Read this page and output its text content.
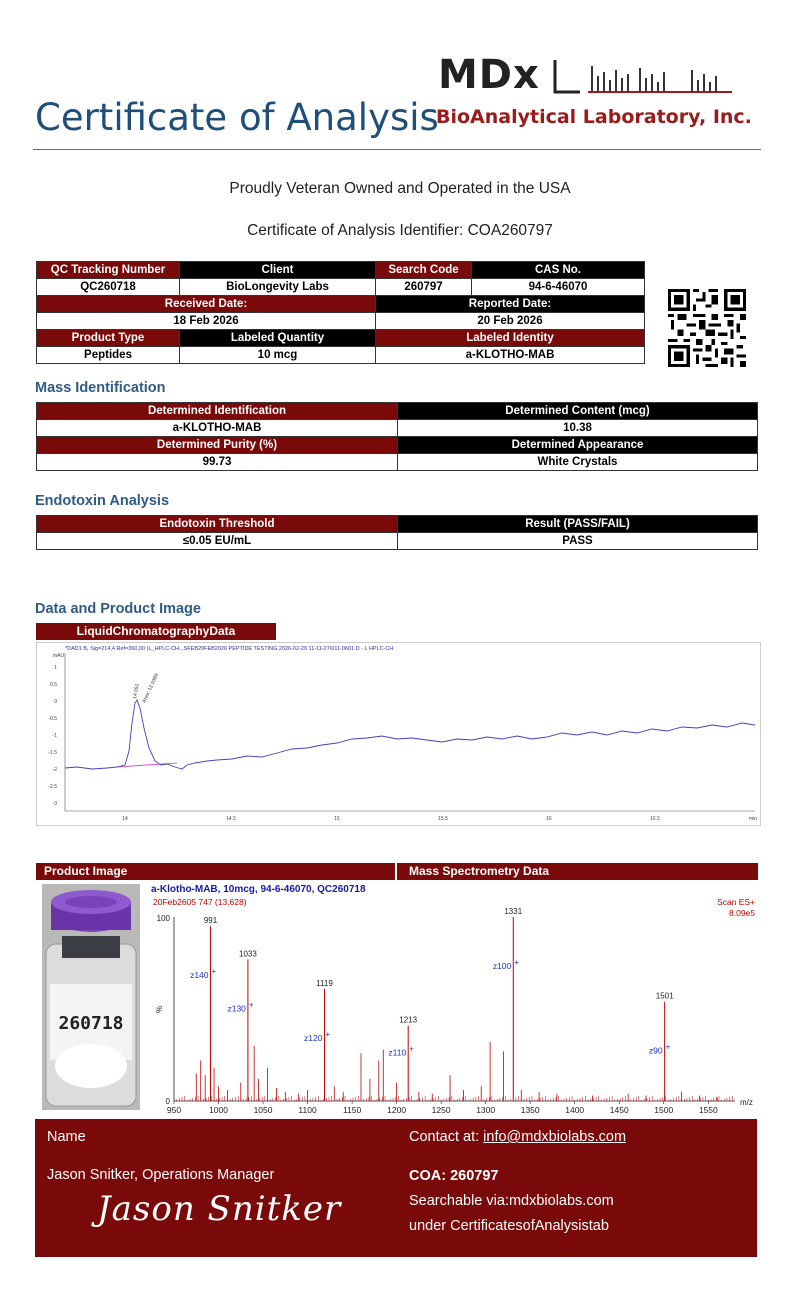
Certificate of Analysis
MDx
BioAnalytical Laboratory, Inc.
Proudly Veteran Owned and Operated in the USA
Certificate of Analysis Identifier: COA260797
QC Tracking Number	Client	Search Code	CAS No.
QC260718	BioLongevity Labs	260797	94-6-46070
Received Date:		Reported Date:	
18 Feb 2026		20 Feb 2026	
Product Type	Labeled Quantity	Labeled Identity	
Peptides	10 mcg	a-KLOTHO-MAB	
Mass Identification
Determined Identification	Determined Content (mcg)
a-KLOTHO-MAB	10.38
Determined Purity (%)	Determined Appearance
99.73	White Crystals
Endotoxin Analysis
Endotoxin Threshold	Result (PASS/FAIL)
≤0.05 EU/mL	PASS
Data and Product Image
LiquidChromatographyData
*DAD1 B, Sig=214,4 Ref=360,00 (L_HPLC-CH...SFEB20FEB2026 PEPTIDE TESTING 2026-02-20 11-11-27\011-0601.D - L HPLC-CH
mAU
1
0.5
0
-0.5
-1
-1.5
-2
-2.5
-3
14	14.5	15	15.5	16	16.5	min
14.051 Area: 12.0388
Product Image	Mass Spectrometry Data
260718
a-Klotho-MAB, 10mcg, 94-6-46070, QC260718
20Feb2605 747 (13.628)	Scan ES+
8.09e5
100
0
%
m/z
950	1000	1050	1100	1150	1200	1250	1300	1350	1400	1450	1500	1550
991
z140 +
1033
z130 +
1119
z120 +
1213
z110 +
1331
z100 +
1501
z90 +
Name
Jason Snitker, Operations Manager
Jason Snitker
Contact at: info@mdxbiolabs.com
COA: 260797
Searchable via:mdxbiolabs.com
under CertificatesofAnalysistab
